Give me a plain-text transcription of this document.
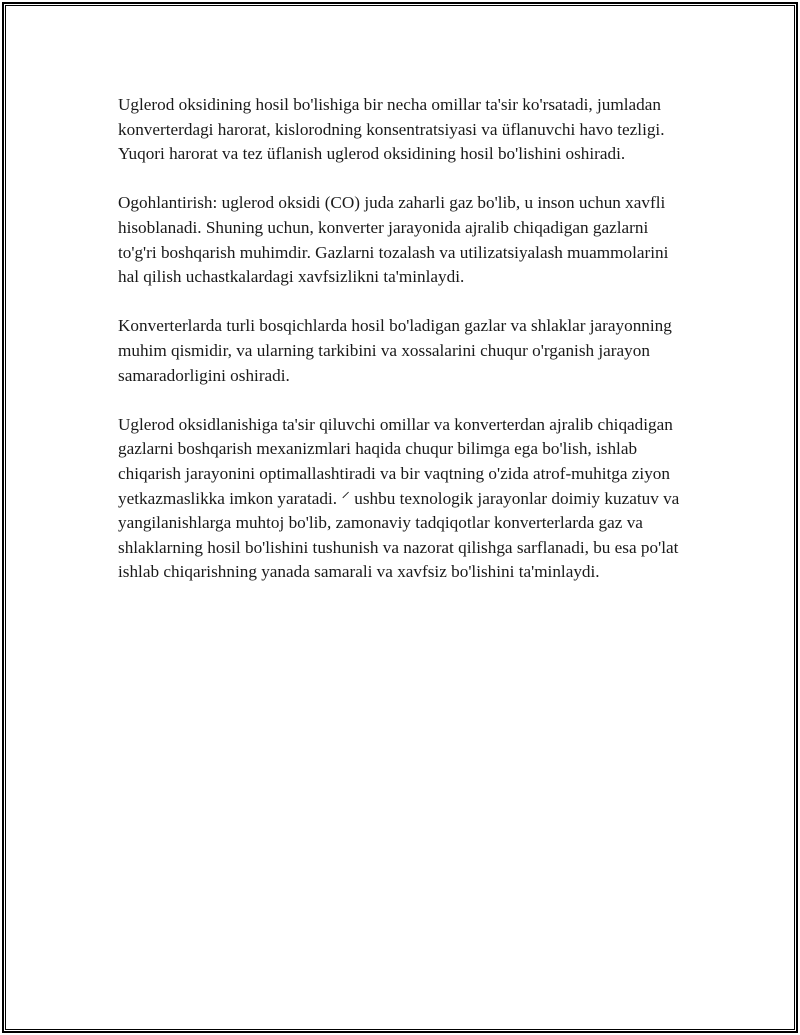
Uglerod oksidining hosil bo'lishiga bir necha omillar ta'sir ko'rsatadi, jumladan konverterdagi harorat, kislorodning konsentratsiyasi va üflanuvchi havo tezligi. Yuqori harorat va tez üflanish uglerod oksidining hosil bo'lishini oshiradi.

Ogohlantirish: uglerod oksidi (CO) juda zaharli gaz bo'lib, u inson uchun xavfli hisoblanadi. Shuning uchun, konverter jarayonida ajralib chiqadigan gazlarni to'g'ri boshqarish muhimdir. Gazlarni tozalash va utilizatsiyalash muammolarini hal qilish uchastkalardagi xavfsizlikni ta'minlaydi.

Konverterlarda turli bosqichlarda hosil bo'ladigan gazlar va shlaklar jarayonning muhim qismidir, va ularning tarkibini va xossalarini chuqur o'rganish jarayon samaradorligini oshiradi.

Uglerod oksidlanishiga ta'sir qiluvchi omillar va konverterdan ajralib chiqadigan gazlarni boshqarish mexanizmlari haqida chuqur bilimga ega bo'lish, ishlab chiqarish jarayonini optimallashtiradi va bir vaqtning o'zida atrof-muhitga ziyon yetkazmaslikka imkon yaratadi. ⸍ ushbu texnologik jarayonlar doimiy kuzatuv va yangilanishlarga muhtoj bo'lib, zamonaviy tadqiqotlar konverterlarda gaz va shlaklarning hosil bo'lishini tushunish va nazorat qilishga sarflanadi, bu esa po'lat ishlab chiqarishning yanada samarali va xavfsiz bo'lishini ta'minlaydi.
